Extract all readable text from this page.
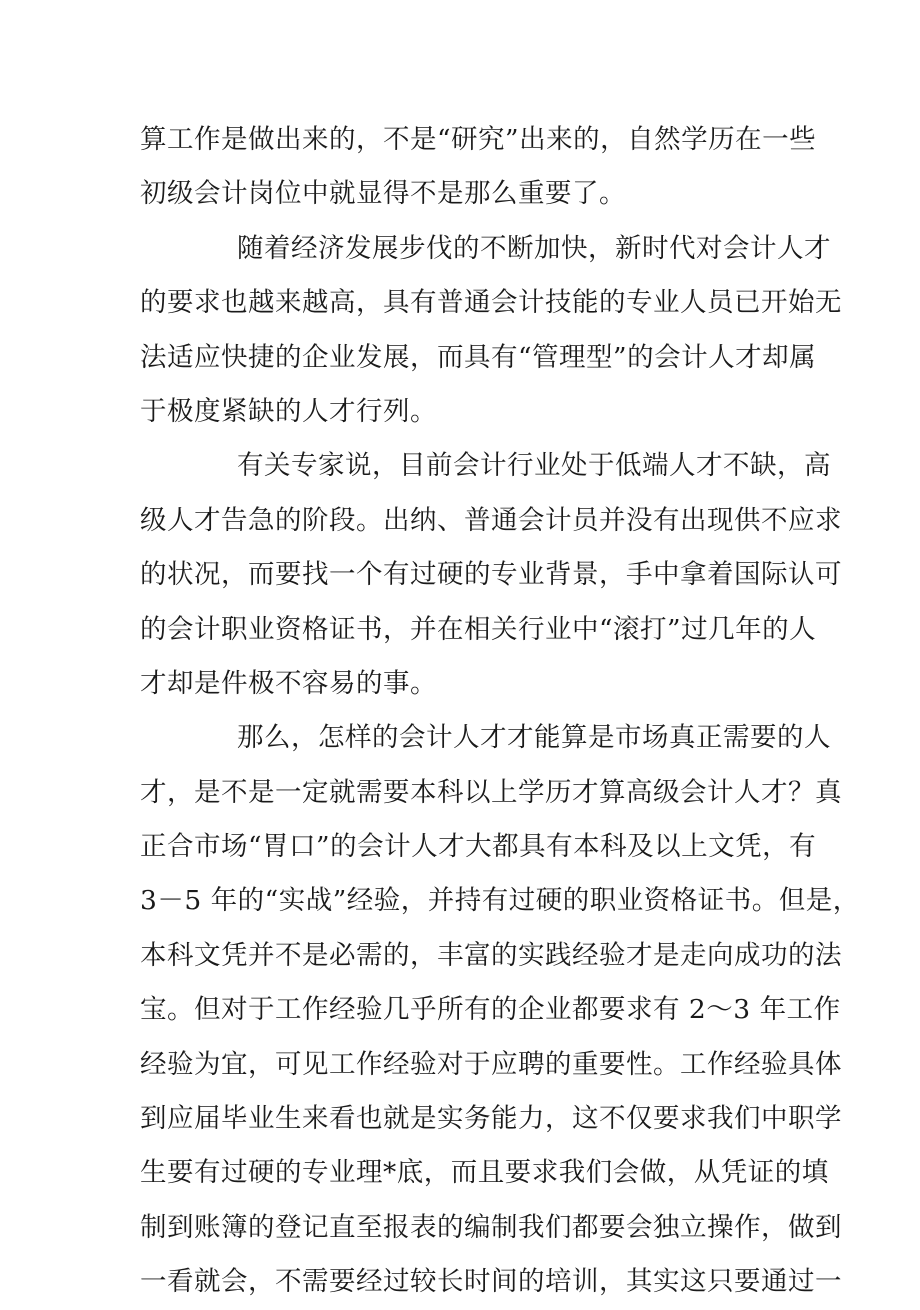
算工作是做出来的，不是“研究”出来的，自然学历在一些
初级会计岗位中就显得不是那么重要了。
随着经济发展步伐的不断加快，新时代对会计人才
的要求也越来越高，具有普通会计技能的专业人员已开始无
法适应快捷的企业发展，而具有“管理型”的会计人才却属
于极度紧缺的人才行列。
有关专家说，目前会计行业处于低端人才不缺，高
级人才告急的阶段。出纳、普通会计员并没有出现供不应求
的状况，而要找一个有过硬的专业背景，手中拿着国际认可
的会计职业资格证书，并在相关行业中“滚打”过几年的人
才却是件极不容易的事。
那么，怎样的会计人才才能算是市场真正需要的人
才，是不是一定就需要本科以上学历才算高级会计人才？真
正合市场“胃口”的会计人才大都具有本科及以上文凭，有
3－5 年的“实战”经验，并持有过硬的职业资格证书。但是，
本科文凭并不是必需的，丰富的实践经验才是走向成功的法
宝。但对于工作经验几乎所有的企业都要求有 2～3 年工作
经验为宜，可见工作经验对于应聘的重要性。工作经验具体
到应届毕业生来看也就是实务能力，这不仅要求我们中职学
生要有过硬的专业理*底，而且要求我们会做，从凭证的填
制到账簿的登记直至报表的编制我们都要会独立操作，做到
一看就会，不需要经过较长时间的培训，其实这只要通过一
